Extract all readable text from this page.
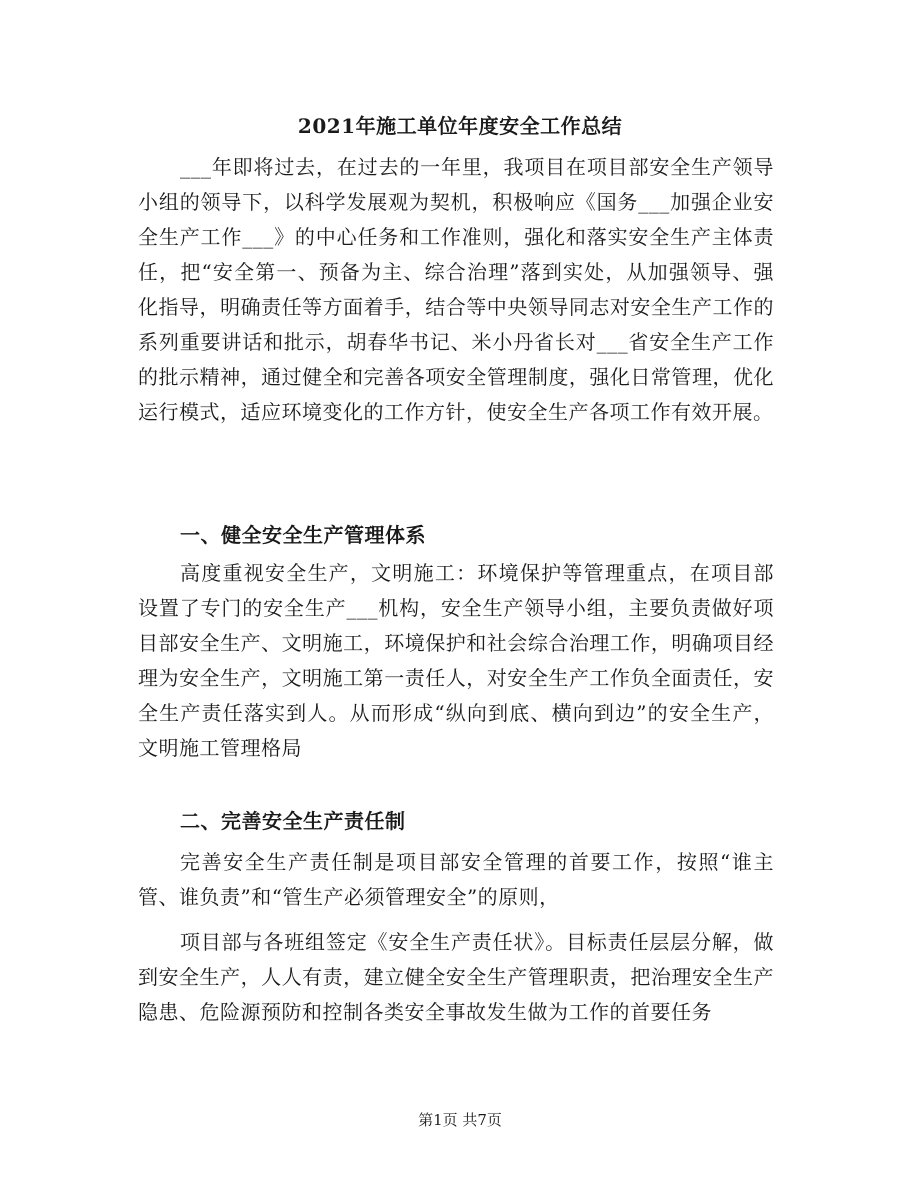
2021年施工单位年度安全工作总结

___年即将过去，在过去的一年里，我项目在项目部安全生产领导小组的领导下，以科学发展观为契机，积极响应《国务___加强企业安全生产工作___》的中心任务和工作准则，强化和落实安全生产主体责任，把“安全第一、预备为主、综合治理”落到实处，从加强领导、强化指导，明确责任等方面着手，结合等中央领导同志对安全生产工作的系列重要讲话和批示，胡春华书记、米小丹省长对___省安全生产工作的批示精神，通过健全和完善各项安全管理制度，强化日常管理，优化运行模式，适应环境变化的工作方针，使安全生产各项工作有效开展。

一、健全安全生产管理体系

高度重视安全生产，文明施工：环境保护等管理重点，在项目部设置了专门的安全生产___机构，安全生产领导小组，主要负责做好项目部安全生产、文明施工，环境保护和社会综合治理工作，明确项目经理为安全生产，文明施工第一责任人，对安全生产工作负全面责任，安全生产责任落实到人。从而形成“纵向到底、横向到边”的安全生产，文明施工管理格局

二、完善安全生产责任制

完善安全生产责任制是项目部安全管理的首要工作，按照“谁主管、谁负责”和“管生产必须管理安全”的原则，

项目部与各班组签定《安全生产责任状》。目标责任层层分解，做到安全生产，人人有责，建立健全安全生产管理职责，把治理安全生产隐患、危险源预防和控制各类安全事故发生做为工作的首要任务

第1页 共7页
